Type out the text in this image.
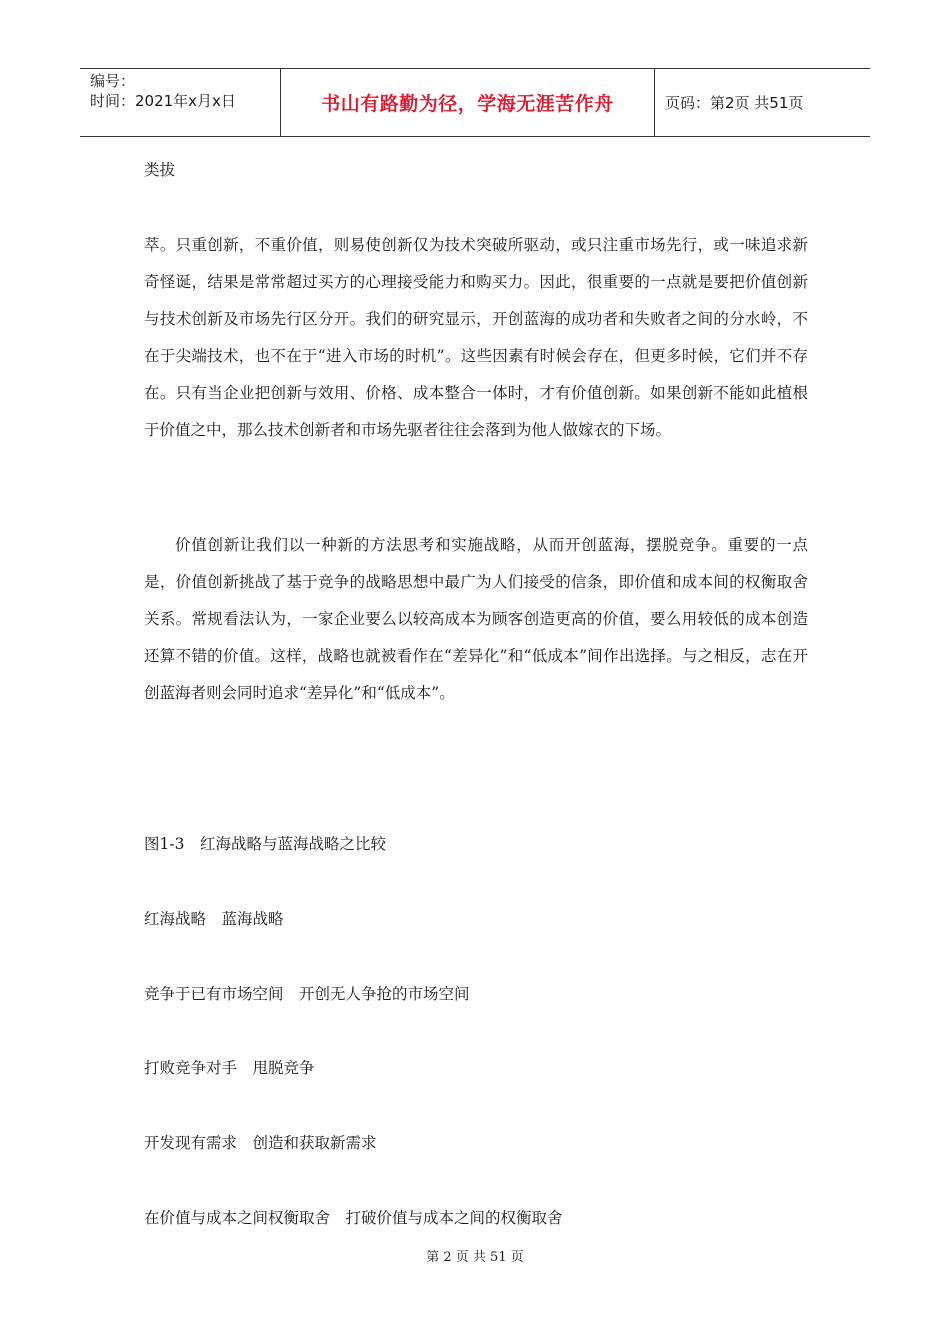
编号：
时间：2021年x月x日	书山有路勤为径，学海无涯苦作舟	页码：第2页 共51页
类拔
萃。只重创新，不重价值，则易使创新仅为技术突破所驱动，或只注重市场先行，或一味追求新奇怪诞，结果是常常超过买方的心理接受能力和购买力。因此，很重要的一点就是要把价值创新与技术创新及市场先行区分开。我们的研究显示，开创蓝海的成功者和失败者之间的分水岭，不在于尖端技术，也不在于“进入市场的时机”。这些因素有时候会存在，但更多时候，它们并不存在。只有当企业把创新与效用、价格、成本整合一体时，才有价值创新。如果创新不能如此植根于价值之中，那么技术创新者和市场先驱者往往会落到为他人做嫁衣的下场。
价值创新让我们以一种新的方法思考和实施战略，从而开创蓝海，摆脱竞争。重要的一点是，价值创新挑战了基于竞争的战略思想中最广为人们接受的信条，即价值和成本间的权衡取舍关系。常规看法认为，一家企业要么以较高成本为顾客创造更高的价值，要么用较低的成本创造还算不错的价值。这样，战略也就被看作在“差异化”和“低成本”间作出选择。与之相反，志在开创蓝海者则会同时追求“差异化”和“低成本”。
图1-3　红海战略与蓝海战略之比较
红海战略　蓝海战略
竞争于已有市场空间　开创无人争抢的市场空间
打败竞争对手　甩脱竞争
开发现有需求　创造和获取新需求
在价值与成本之间权衡取舍　打破价值与成本之间的权衡取舍
第 2 页 共 51 页
